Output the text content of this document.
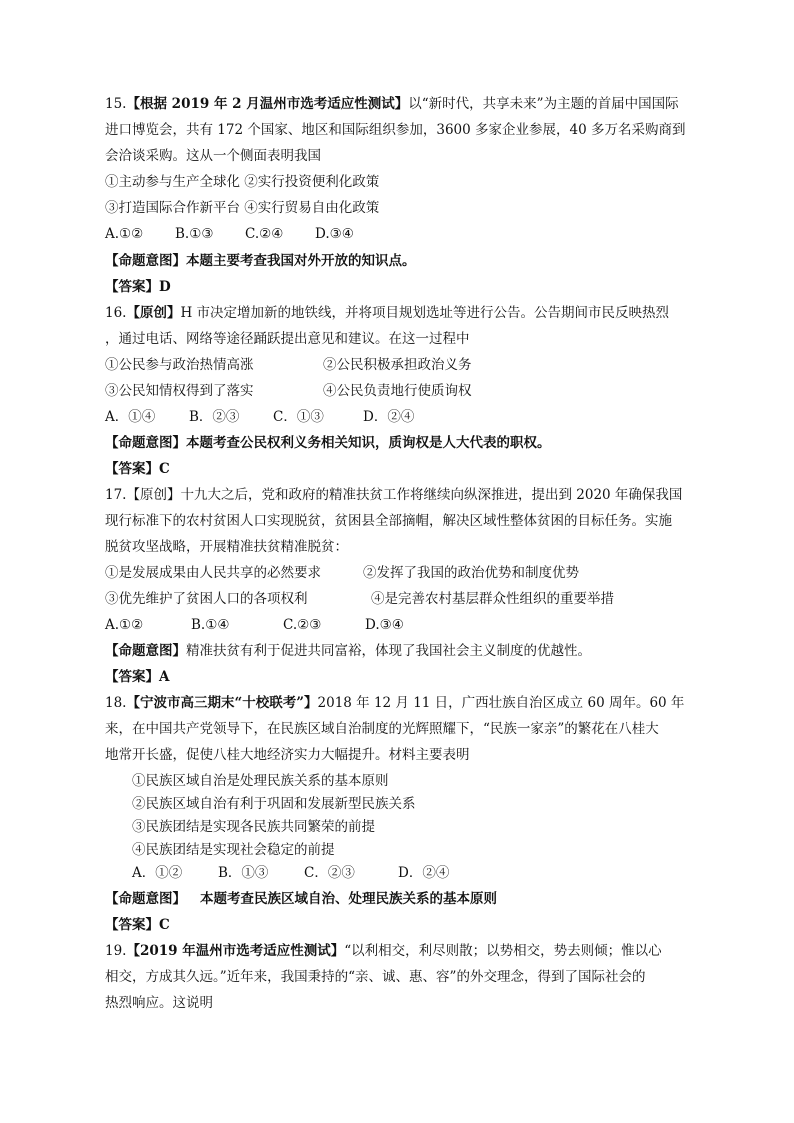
15.【根据 2019 年 2 月温州市选考适应性测试】以“新时代，共享未来”为主题的首届中国国际
进口博览会，共有 172 个国家、地区和国际组织参加，3600 多家企业参展，40 多万名采购商到
会洽谈采购。这从一个侧面表明我国
①主动参与生产全球化 ②实行投资便利化政策
③打造国际合作新平台 ④实行贸易自由化政策
A.①② B.①③ C.②④ D.③④
【命题意图】本题主要考查我国对外开放的知识点。
【答案】D
16.【原创】H 市决定增加新的地铁线，并将项目规划选址等进行公告。公告期间市民反映热烈
，通过电话、网络等途径踊跃提出意见和建议。在这一过程中
①公民参与政治热情高涨	②公民积极承担政治义务
③公民知情权得到了落实	④公民负责地行使质询权
A．①④	B．②③ C．①③	D．②④
【命题意图】本题考查公民权利义务相关知识，质询权是人大代表的职权。
【答案】C
17.【原创】十九大之后，党和政府的精准扶贫工作将继续向纵深推进，提出到 2020 年确保我国
现行标准下的农村贫困人口实现脱贫，贫困县全部摘帽，解决区域性整体贫困的目标任务。实施
脱贫攻坚战略，开展精准扶贫精准脱贫：
①是发展成果由人民共享的必然要求	②发挥了我国的政治优势和制度优势
③优先维护了贫困人口的各项权利	④是完善农村基层群众性组织的重要举措
A.①②	B.①④	C.②③	D.③④
【命题意图】精准扶贫有利于促进共同富裕，体现了我国社会主义制度的优越性。
【答案】A
18.【宁波市高三期末“十校联考”】2018 年 12 月 11 日，广西壮族自治区成立 60 周年。60 年
来，在中国共产党领导下，在民族区域自治制度的光辉照耀下，“民族一家亲”的繁花在八桂大
地常开长盛，促使八桂大地经济实力大幅提升。材料主要表明
①民族区域自治是处理民族关系的基本原则
②民族区域自治有利于巩固和发展新型民族关系
③民族团结是实现各民族共同繁荣的前提
④民族团结是实现社会稳定的前提
A．①②	B．①③	C．②③	D．②④
【命题意图】 本题考查民族区域自治、处理民族关系的基本原则
【答案】C
19.【2019 年温州市选考适应性测试】“以利相交，利尽则散；以势相交，势去则倾；惟以心
相交，方成其久远。”近年来，我国秉持的“亲、诚、惠、容”的外交理念，得到了国际社会的
热烈响应。这说明
